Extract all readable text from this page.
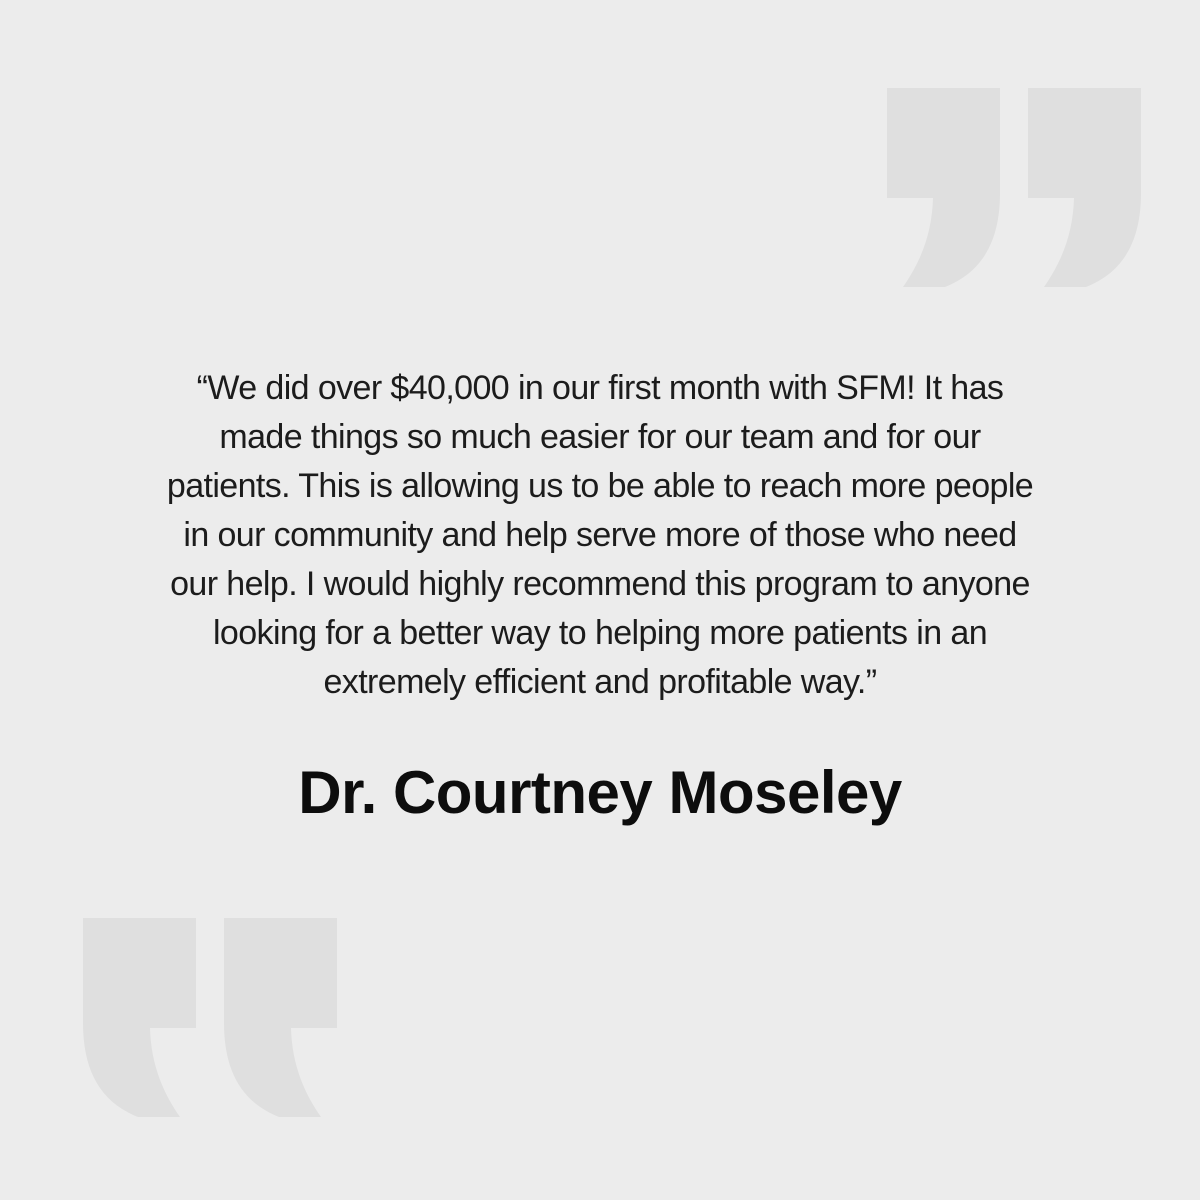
“We did over $40,000 in our first month with SFM! It has
made things so much easier for our team and for our
patients. This is allowing us to be able to reach more people
in our community and help serve more of those who need
our help. I would highly recommend this program to anyone
looking for a better way to helping more patients in an
extremely efficient and profitable way.”
Dr. Courtney Moseley
